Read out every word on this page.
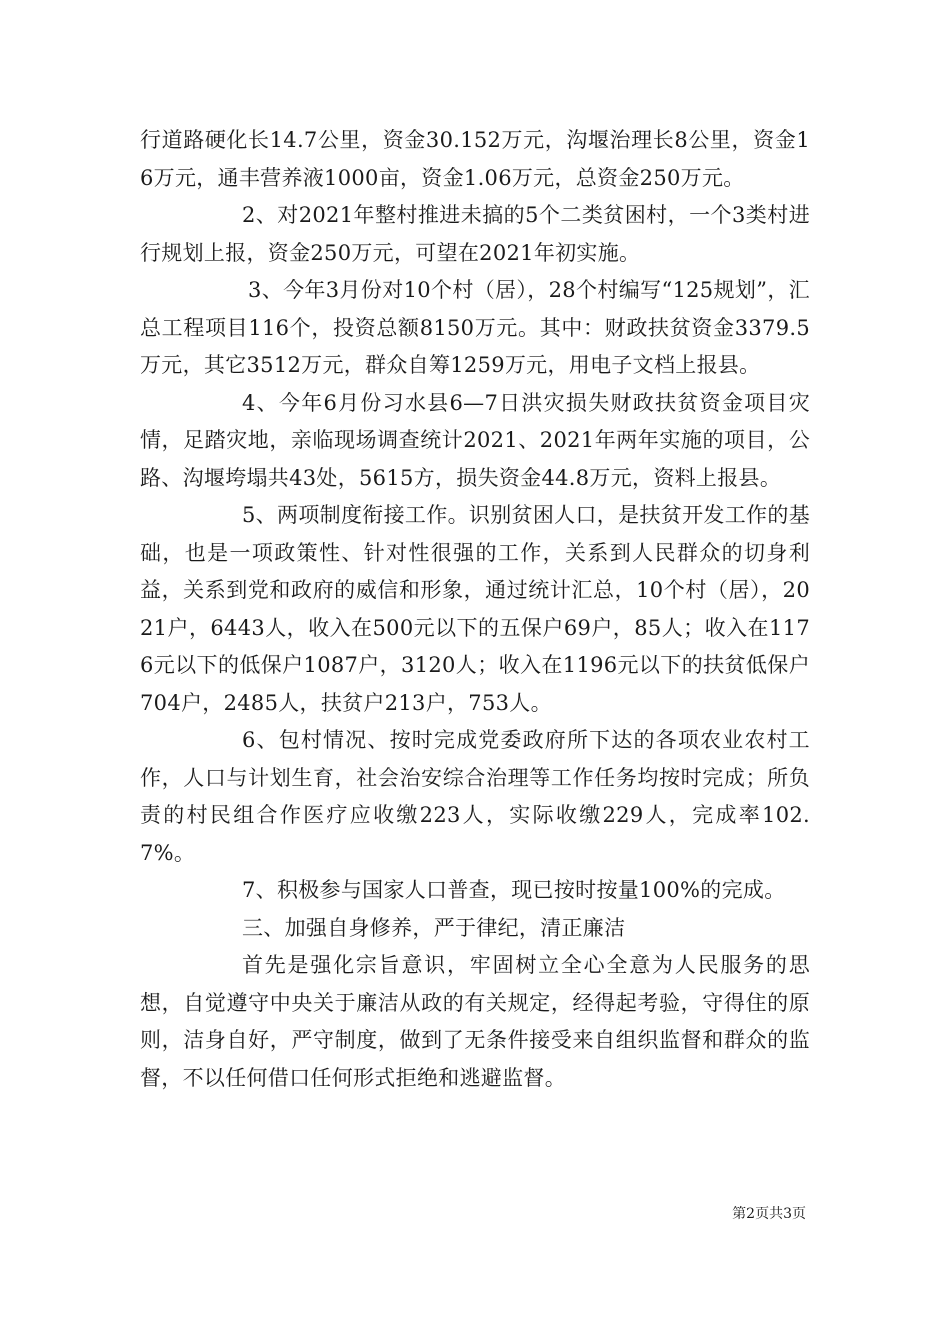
行道路硬化长14.7公里，资金30.152万元，沟堰治理长8公里，资金16万元，通丰营养液1000亩，资金1.06万元，总资金250万元。

2、对2021年整村推进未搞的5个二类贫困村，一个3类村进行规划上报，资金250万元，可望在2021年初实施。

3、今年3月份对10个村（居），28个村编写“125规划”，汇总工程项目116个，投资总额8150万元。其中：财政扶贫资金3379.5万元，其它3512万元，群众自筹1259万元，用电子文档上报县。

4、今年6月份习水县6—7日洪灾损失财政扶贫资金项目灾情，足踏灾地，亲临现场调查统计2021、2021年两年实施的项目，公路、沟堰垮塌共43处，5615方，损失资金44.8万元，资料上报县。

5、两项制度衔接工作。识别贫困人口，是扶贫开发工作的基础，也是一项政策性、针对性很强的工作，关系到人民群众的切身利益，关系到党和政府的威信和形象，通过统计汇总，10个村（居），2021户，6443人，收入在500元以下的五保户69户，85人；收入在1176元以下的低保户1087户，3120人；收入在1196元以下的扶贫低保户704户，2485人，扶贫户213户，753人。

6、包村情况、按时完成党委政府所下达的各项农业农村工作，人口与计划生育，社会治安综合治理等工作任务均按时完成；所负责的村民组合作医疗应收缴223人，实际收缴229人，完成率102.7%。

7、积极参与国家人口普查，现已按时按量100%的完成。

三、加强自身修养，严于律纪，清正廉洁

首先是强化宗旨意识，牢固树立全心全意为人民服务的思想，自觉遵守中央关于廉洁从政的有关规定，经得起考验，守得住的原则，洁身自好，严守制度，做到了无条件接受来自组织监督和群众的监督，不以任何借口任何形式拒绝和逃避监督。

第2页共3页
